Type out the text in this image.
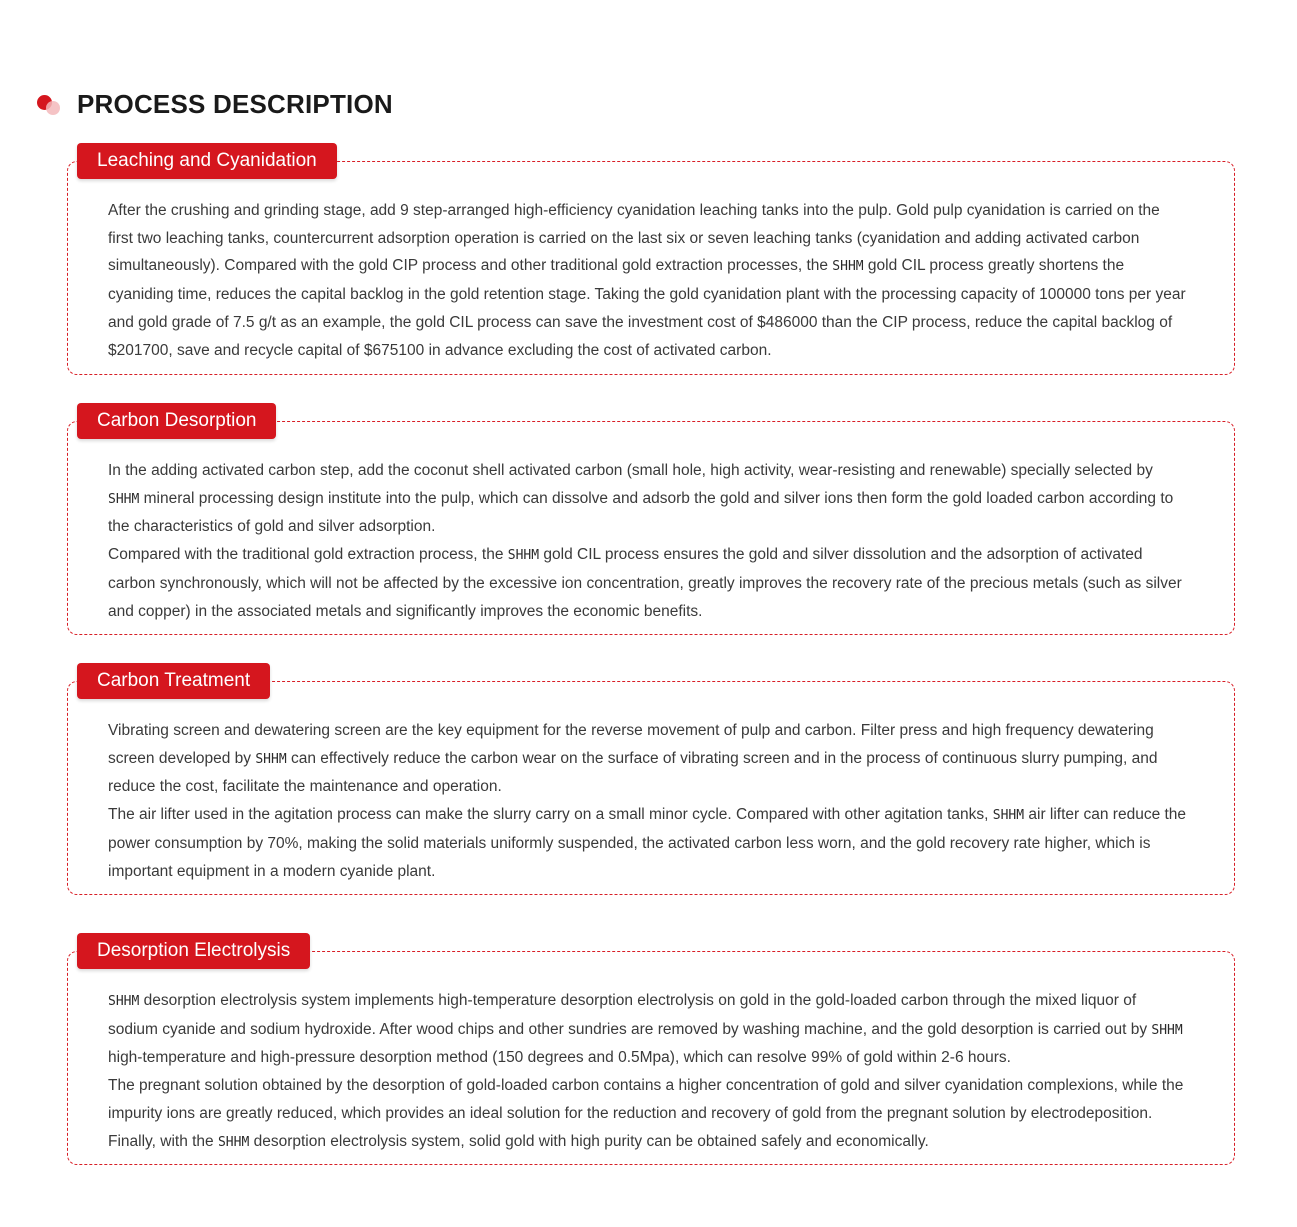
PROCESS DESCRIPTION
Leaching and Cyanidation

After the crushing and grinding stage, add 9 step-arranged high-efficiency cyanidation leaching tanks into the pulp. Gold pulp cyanidation is carried on the first two leaching tanks, countercurrent adsorption operation is carried on the last six or seven leaching tanks (cyanidation and adding activated carbon simultaneously). Compared with the gold CIP process and other traditional gold extraction processes, the SHHM gold CIL process greatly shortens the cyaniding time, reduces the capital backlog in the gold retention stage. Taking the gold cyanidation plant with the processing capacity of 100000 tons per year and gold grade of 7.5 g/t as an example, the gold CIL process can save the investment cost of $486000 than the CIP process, reduce the capital backlog of $201700, save and recycle capital of $675100 in advance excluding the cost of activated carbon.

Carbon Desorption

In the adding activated carbon step, add the coconut shell activated carbon (small hole, high activity, wear-resisting and renewable) specially selected by SHHM mineral processing design institute into the pulp, which can dissolve and adsorb the gold and silver ions then form the gold loaded carbon according to the characteristics of gold and silver adsorption.

Compared with the traditional gold extraction process, the SHHM gold CIL process ensures the gold and silver dissolution and the adsorption of activated carbon synchronously, which will not be affected by the excessive ion concentration, greatly improves the recovery rate of the precious metals (such as silver and copper) in the associated metals and significantly improves the economic benefits.

Carbon Treatment

Vibrating screen and dewatering screen are the key equipment for the reverse movement of pulp and carbon. Filter press and high frequency dewatering screen developed by SHHM can effectively reduce the carbon wear on the surface of vibrating screen and in the process of continuous slurry pumping, and reduce the cost, facilitate the maintenance and operation.

The air lifter used in the agitation process can make the slurry carry on a small minor cycle. Compared with other agitation tanks, SHHM air lifter can reduce the power consumption by 70%, making the solid materials uniformly suspended, the activated carbon less worn, and the gold recovery rate higher, which is important equipment in a modern cyanide plant.

Desorption Electrolysis

SHHM desorption electrolysis system implements high-temperature desorption electrolysis on gold in the gold-loaded carbon through the mixed liquor of sodium cyanide and sodium hydroxide. After wood chips and other sundries are removed by washing machine, and the gold desorption is carried out by SHHM high-temperature and high-pressure desorption method (150 degrees and 0.5Mpa), which can resolve 99% of gold within 2-6 hours.

The pregnant solution obtained by the desorption of gold-loaded carbon contains a higher concentration of gold and silver cyanidation complexions, while the impurity ions are greatly reduced, which provides an ideal solution for the reduction and recovery of gold from the pregnant solution by electrodeposition. Finally, with the SHHM desorption electrolysis system, solid gold with high purity can be obtained safely and economically.
